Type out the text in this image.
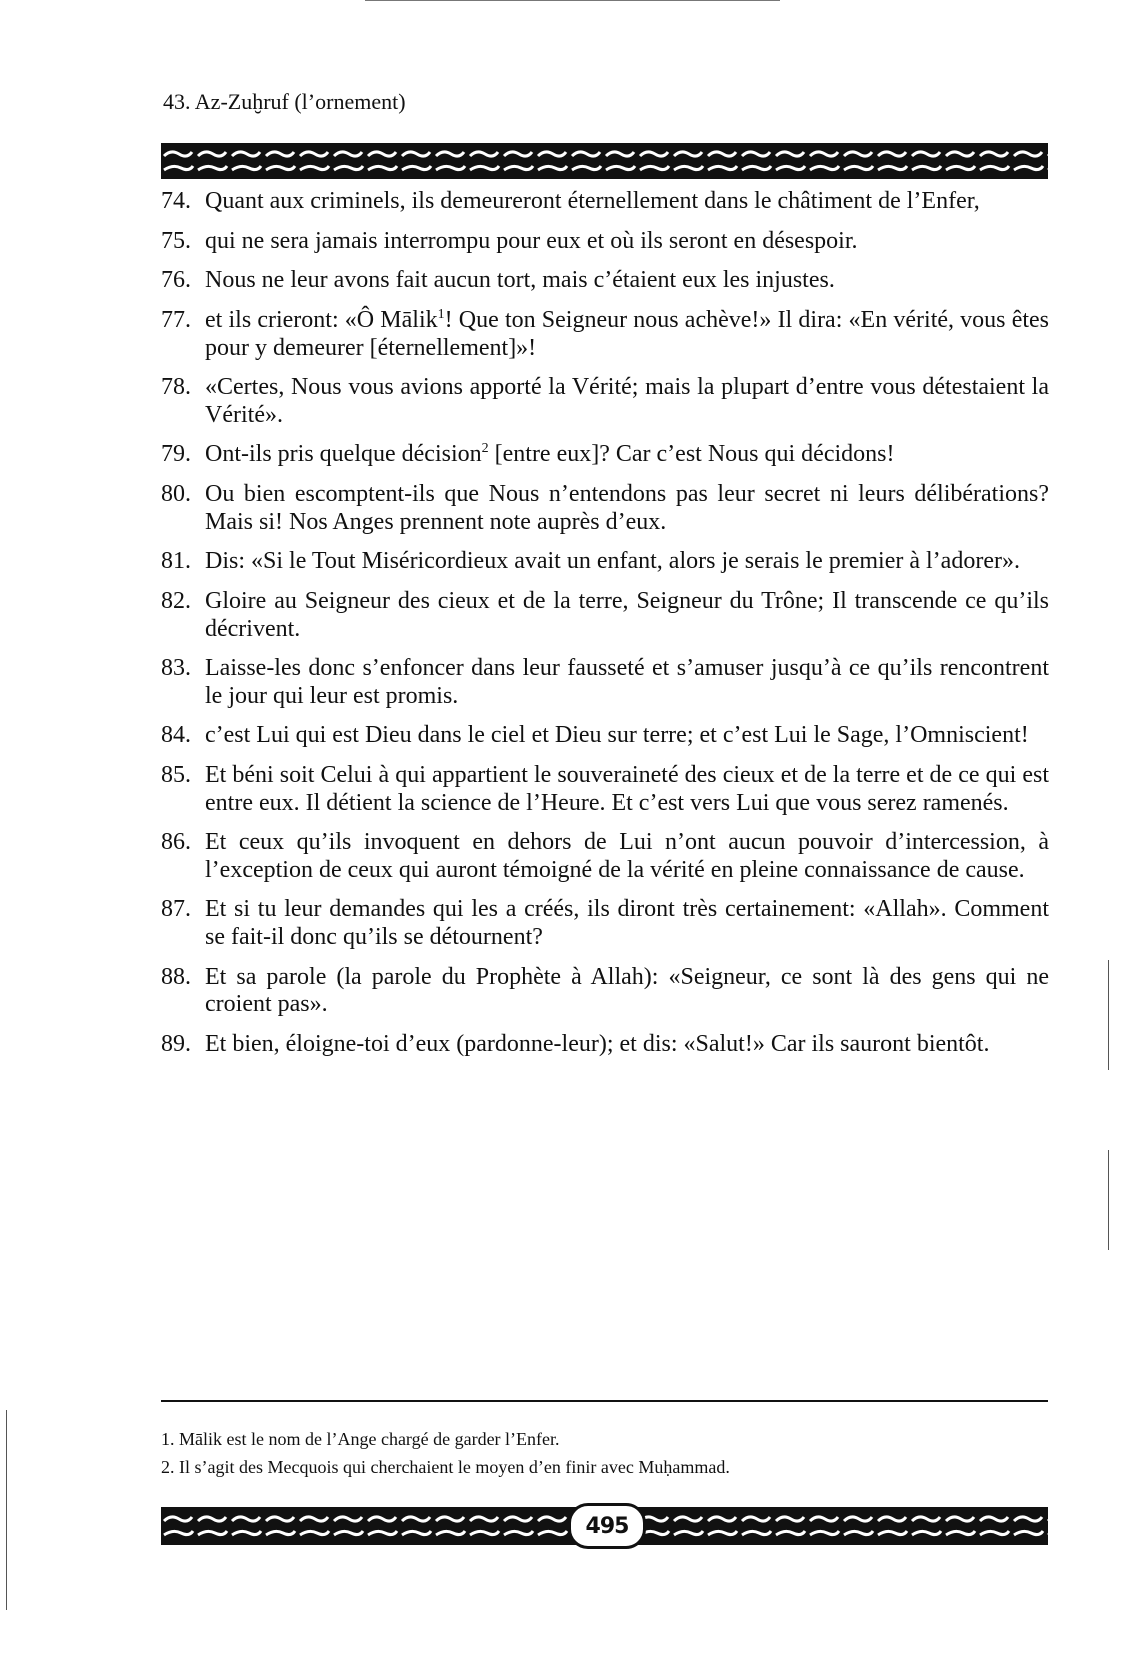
43. Az-Zuḫruf (l’ornement)
74. Quant aux criminels, ils demeureront éternellement dans le châtiment de l’Enfer,
75. qui ne sera jamais interrompu pour eux et où ils seront en désespoir.
76. Nous ne leur avons fait aucun tort, mais c’étaient eux les injustes.
77. et ils crieront: «Ô Mālik$^1$! Que ton Seigneur nous achève!» Il dira: «En vérité, vous êtes pour y demeurer [éternellement]»!
78. «Certes, Nous vous avions apporté la Vérité; mais la plupart d’entre vous détestaient la Vérité».
79. Ont-ils pris quelque décision$^2$ [entre eux]? Car c’est Nous qui décidons!
80. Ou bien escomptent-ils que Nous n’entendons pas leur secret ni leurs délibérations? Mais si! Nos Anges prennent note auprès d’eux.
81. Dis: «Si le Tout Miséricordieux avait un enfant, alors je serais le premier à l’adorer».
82. Gloire au Seigneur des cieux et de la terre, Seigneur du Trône; Il transcende ce qu’ils décrivent.
83. Laisse-les donc s’enfoncer dans leur fausseté et s’amuser jusqu’à ce qu’ils rencontrent le jour qui leur est promis.
84. c’est Lui qui est Dieu dans le ciel et Dieu sur terre; et c’est Lui le Sage, l’Omniscient!
85. Et béni soit Celui à qui appartient le souveraineté des cieux et de la terre et de ce qui est entre eux. Il détient la science de l’Heure. Et c’est vers Lui que vous serez ramenés.
86. Et ceux qu’ils invoquent en dehors de Lui n’ont aucun pouvoir d’intercession, à l’exception de ceux qui auront témoigné de la vérité en pleine connaissance de cause.
87. Et si tu leur demandes qui les a créés, ils diront très certainement: «Allah». Comment se fait-il donc qu’ils se détournent?
88. Et sa parole (la parole du Prophète à Allah): «Seigneur, ce sont là des gens qui ne croient pas».
89. Et bien, éloigne-toi d’eux (pardonne-leur); et dis: «Salut!» Car ils sauront bientôt.

1. Mālik est le nom de l’Ange chargé de garder l’Enfer.

2. Il s’agit des Mecquois qui cherchaient le moyen d’en finir avec Muḥammad.

495
